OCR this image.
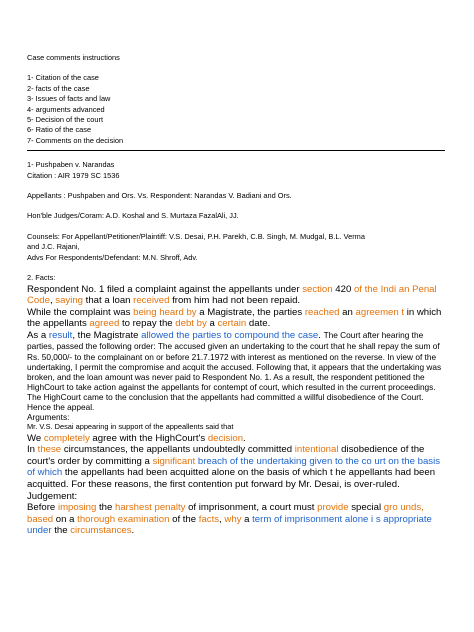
Case comments instructions

1- Citation of the case

2- facts of the case

3- Issues of facts and law

4- arguments advanced

5- Decision of the court

6- Ratio of the case

7- Comments on the decision

1- Pushpaben v. Narandas

Citation : AIR 1979 SC 1536

Appellants : Pushpaben and Ors. Vs. Respondent: Narandas V. Badiani and Ors.

Hon'ble Judges/Coram: A.D. Koshal and S. Murtaza FazalAli, JJ.

Counsels: For Appellant/Petitioner/Plaintiff: V.S. Desai, P.H. Parekh, C.B. Singh, M. Mudgal, B.L. Verma

and J.C. Rajani,

Advs For Respondents/Defendant: M.N. Shroff, Adv.

2. Facts:

Respondent No. 1 filed a complaint against the appellants under section 420 of the Indi an Penal Code, saying that a loan received from him had not been repaid.

While the complaint was being heard by a Magistrate, the parties reached an agreemen t in which the appellants agreed to repay the debt by a certain date.

As a result, the Magistrate allowed the parties to compound the case. The Court after hearing the parties, passed the following order: The accused given an undertaking to the court that he shall repay the sum of Rs. 50,000/- to the complainant on or before 21.7.1972 with interest as mentioned on the reverse. In view of the undertaking, I permit the compromise and acquit the accused. Following that, it appears that the undertaking was broken, and the loan amount was never paid to Respondent No. 1. As a result, the respondent petitioned the HighCourt to take action against the appellants for contempt of court, which resulted in the current proceedings. The HighCourt came to the conclusion that the appellants had committed a willful disobedience of the Court. Hence the appeal.

Arguments:

Mr. V.S. Desai appearing in support of the appeallents said that

We completely agree with the HighCourt's decision.

In these circumstances, the appellants undoubtedly committed intentional disobedience of the court's order by committing a significant breach of the undertaking given to the co urt on the basis of which the appellants had been acquitted alone on the basis of which t he appellants had been acquitted. For these reasons, the first contention put forward by Mr. Desai, is over-ruled.

Judgement:

Before imposing the harshest penalty of imprisonment, a court must provide special gro unds, based on a thorough examination of the facts, why a term of imprisonment alone i s appropriate under the circumstances.
